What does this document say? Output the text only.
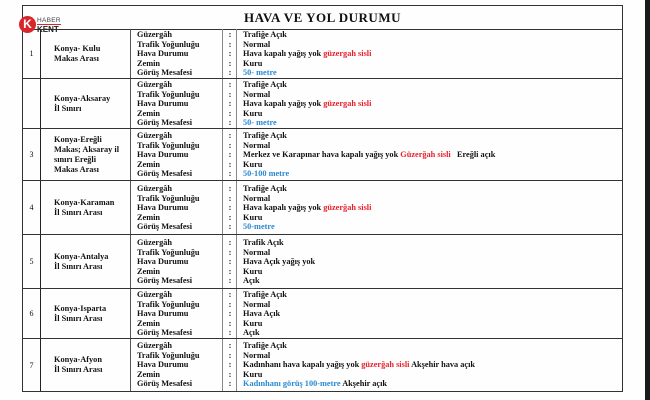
HAVA VE YOL DURUMU
1
Konya- Kulu
Makas Arası
Güzergâh
Trafik Yoğunluğu
Hava Durumu
Zemin
Görüş Mesafesi
:
:
:
:
:
Trafiğe Açık
Normal
Hava kapalı yağış yok güzergah sisli
Kuru
50- metre
Konya-Aksaray
İl Sınırı
Güzergâh
Trafik Yoğunluğu
Hava Durumu
Zemin
Görüş Mesafesi
:
:
:
:
:
Trafiğe Açık
Normal
Hava kapalı yağış yok güzergah sisli
Kuru
50- metre
3
Konya-Ereğli
Makas; Aksaray il
sınırı Ereğli
Makas Arası
Güzergâh
Trafik Yoğunluğu
Hava Durumu
Zemin
Görüş Mesafesi
:
:
:
:
:
Trafiğe Açık
Normal
Merkez ve Karapınar hava kapalı yağış yok Güzerğah sisli   Ereğli açık
Kuru
50-100 metre
4
Konya-Karaman
İl Sınırı Arası
Güzergâh
Trafik Yoğunluğu
Hava Durumu
Zemin
Görüş Mesafesi
:
:
:
:
:
Trafiğe Açık
Normal
Hava kapalı yağış yok güzerğah sisli
Kuru
50-metre
5
Konya-Antalya
İl Sınırı Arası
Güzergâh
Trafik Yoğunluğu
Hava Durumu
Zemin
Görüş Mesafesi
:
:
:
:
:
Trafik Açık
Normal
Hava Açık yağış yok
Kuru
Açık
6
Konya-Isparta
İl Sınırı Arası
Güzergâh
Trafik Yoğunluğu
Hava Durumu
Zemin
Görüş Mesafesi
:
:
:
:
:
Trafiğe Açık
Normal
Hava Açık
Kuru
Açık
7
Konya-Afyon
İl Sınırı Arası
Güzergâh
Trafik Yoğunluğu
Hava Durumu
Zemin
Görüş Mesafesi
:
:
:
:
:
Trafiğe Açık
Normal
Kadınhanı hava kapalı yağış yok güzerğah sisli Akşehir hava açık
Kuru
Kadınhanı görüş 100-metre Akşehir açık
K HABER
KENT
